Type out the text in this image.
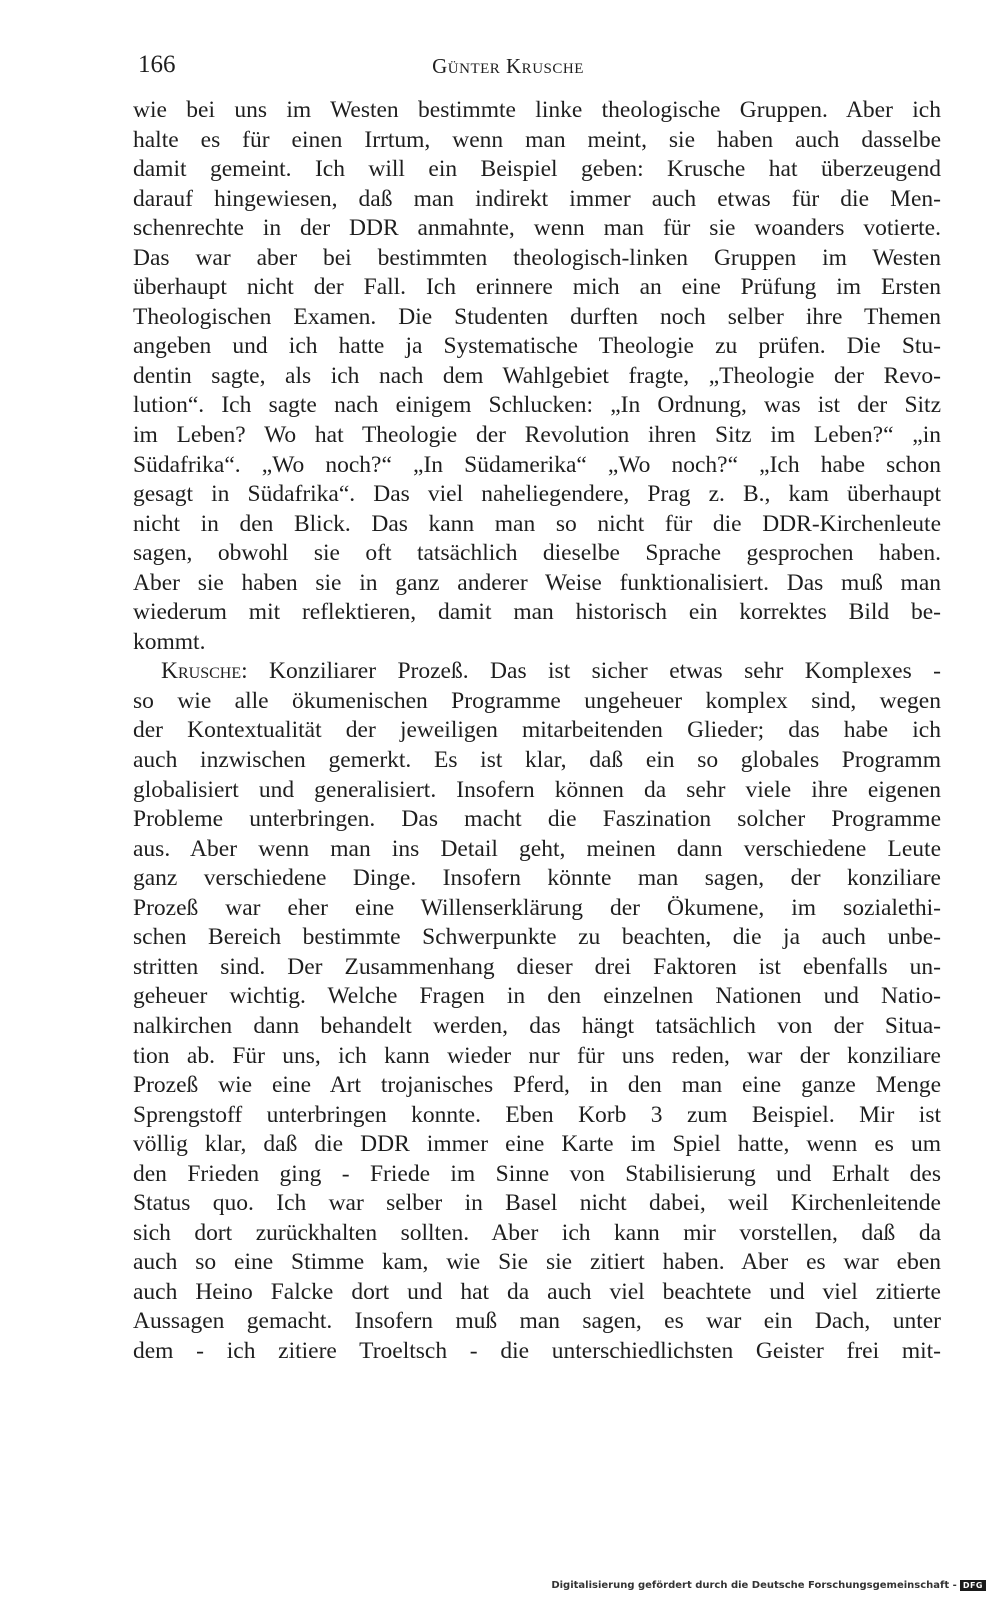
166	Günter Krusche
wie bei uns im Westen bestimmte linke theologische Gruppen. Aber ich
halte es für einen Irrtum, wenn man meint, sie haben auch dasselbe
damit gemeint. Ich will ein Beispiel geben: Krusche hat überzeugend
darauf hingewiesen, daß man indirekt immer auch etwas für die Men-
schenrechte in der DDR anmahnte, wenn man für sie woanders votierte.
Das war aber bei bestimmten theologisch-linken Gruppen im Westen
überhaupt nicht der Fall. Ich erinnere mich an eine Prüfung im Ersten
Theologischen Examen. Die Studenten durften noch selber ihre Themen
angeben und ich hatte ja Systematische Theologie zu prüfen. Die Stu-
dentin sagte, als ich nach dem Wahlgebiet fragte, „Theologie der Revo-
lution“. Ich sagte nach einigem Schlucken: „In Ordnung, was ist der Sitz
im Leben? Wo hat Theologie der Revolution ihren Sitz im Leben?“ „in
Südafrika“. „Wo noch?“ „In Südamerika“ „Wo noch?“ „Ich habe schon
gesagt in Südafrika“. Das viel naheliegendere, Prag z. B., kam überhaupt
nicht in den Blick. Das kann man so nicht für die DDR-Kirchenleute
sagen, obwohl sie oft tatsächlich dieselbe Sprache gesprochen haben.
Aber sie haben sie in ganz anderer Weise funktionalisiert. Das muß man
wiederum mit reflektieren, damit man historisch ein korrektes Bild be-
kommt.
Krusche: Konziliarer Prozeß. Das ist sicher etwas sehr Komplexes -
so wie alle ökumenischen Programme ungeheuer komplex sind, wegen
der Kontextualität der jeweiligen mitarbeitenden Glieder; das habe ich
auch inzwischen gemerkt. Es ist klar, daß ein so globales Programm
globalisiert und generalisiert. Insofern können da sehr viele ihre eigenen
Probleme unterbringen. Das macht die Faszination solcher Programme
aus. Aber wenn man ins Detail geht, meinen dann verschiedene Leute
ganz verschiedene Dinge. Insofern könnte man sagen, der konziliare
Prozeß war eher eine Willenserklärung der Ökumene, im sozialethi-
schen Bereich bestimmte Schwerpunkte zu beachten, die ja auch unbe-
stritten sind. Der Zusammenhang dieser drei Faktoren ist ebenfalls un-
geheuer wichtig. Welche Fragen in den einzelnen Nationen und Natio-
nalkirchen dann behandelt werden, das hängt tatsächlich von der Situa-
tion ab. Für uns, ich kann wieder nur für uns reden, war der konziliare
Prozeß wie eine Art trojanisches Pferd, in den man eine ganze Menge
Sprengstoff unterbringen konnte. Eben Korb 3 zum Beispiel. Mir ist
völlig klar, daß die DDR immer eine Karte im Spiel hatte, wenn es um
den Frieden ging - Friede im Sinne von Stabilisierung und Erhalt des
Status quo. Ich war selber in Basel nicht dabei, weil Kirchenleitende
sich dort zurückhalten sollten. Aber ich kann mir vorstellen, daß da
auch so eine Stimme kam, wie Sie sie zitiert haben. Aber es war eben
auch Heino Falcke dort und hat da auch viel beachtete und viel zitierte
Aussagen gemacht. Insofern muß man sagen, es war ein Dach, unter
dem - ich zitiere Troeltsch - die unterschiedlichsten Geister frei mit-
Digitalisierung gefördert durch die Deutsche Forschungsgemeinschaft - DFG
